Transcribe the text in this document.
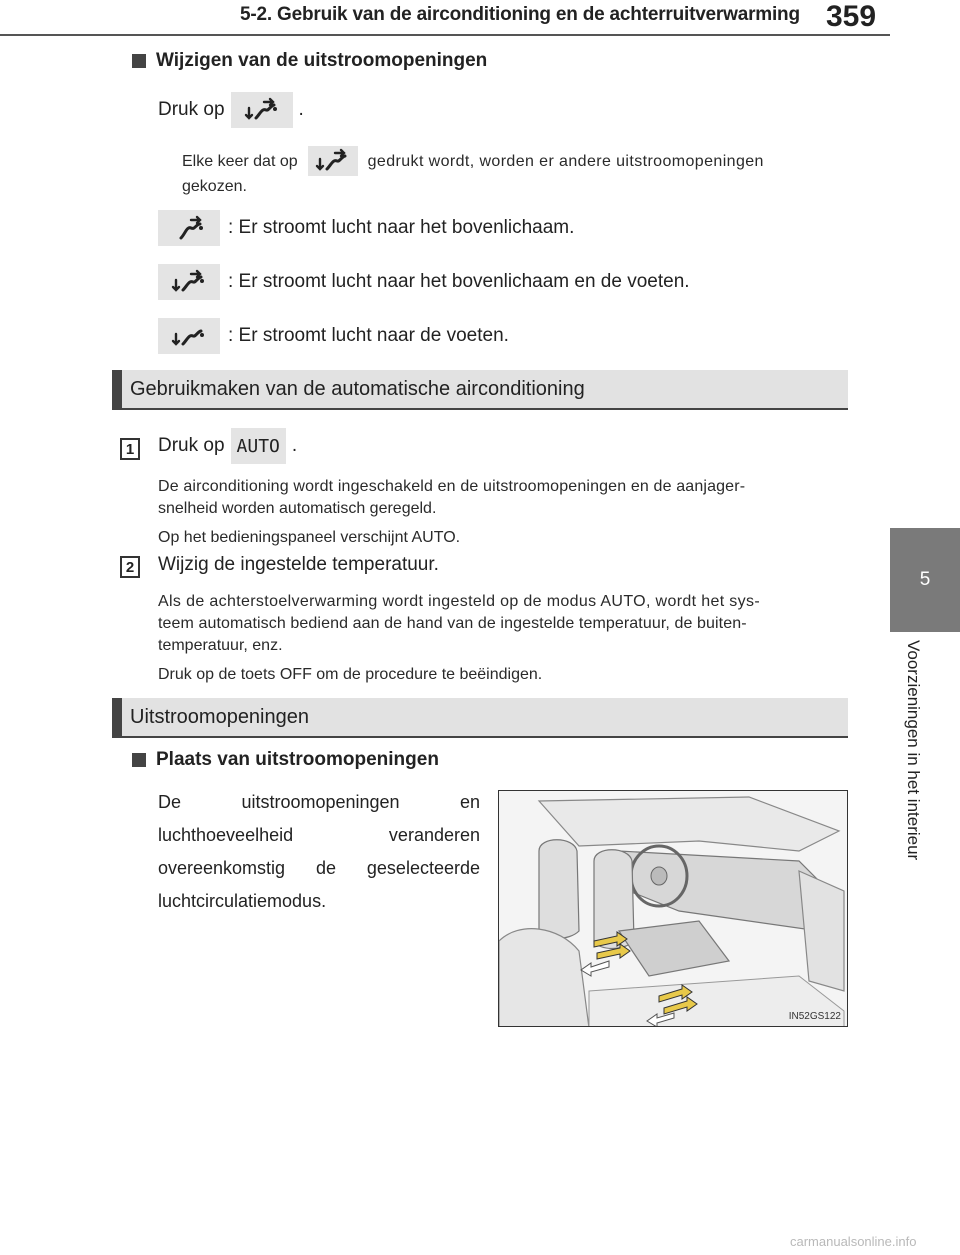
5-2. Gebruik van de airconditioning en de achterruitverwarming 359
5
Voorzieningen in het interieur
Wijzigen van de uitstroomopeningen
Druk op	.
Elke keer dat op	gedrukt wordt, worden er andere uitstroomopeningen
gekozen.
: Er stroomt lucht naar het bovenlichaam.
: Er stroomt lucht naar het bovenlichaam en de voeten.
: Er stroomt lucht naar de voeten.
Gebruikmaken van de automatische airconditioning
1	Druk op AUTO .
De airconditioning wordt ingeschakeld en de uitstroomopeningen en de aanjager-
snelheid worden automatisch geregeld.
Op het bedieningspaneel verschijnt AUTO.
2	Wijzig de ingestelde temperatuur.
Als de achterstoelverwarming wordt ingesteld op de modus AUTO, wordt het sys-
teem automatisch bediend aan de hand van de ingestelde temperatuur, de buiten-
temperatuur, enz.
Druk op de toets OFF om de procedure te beëindigen.
Uitstroomopeningen
Plaats van uitstroomopeningen
De uitstroomopeningen en luchthoeveelheid veranderen overeenkomstig de geselecteerde luchtcirculatiemodus.
IN52GS122
carmanualsonline.info
